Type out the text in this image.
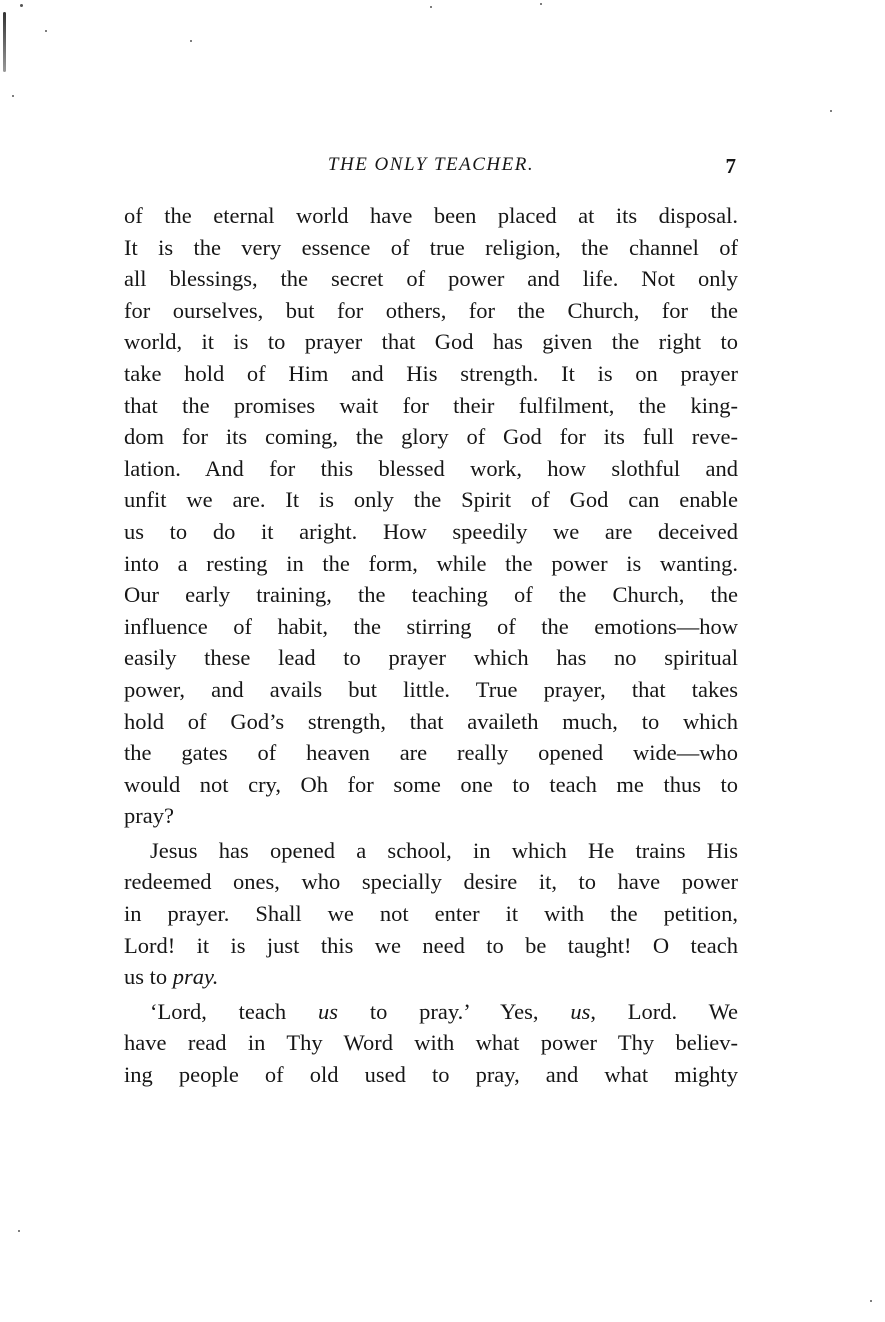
THE ONLY TEACHER.	7
of the eternal world have been placed at its disposal.
It is the very essence of true religion, the channel of
all blessings, the secret of power and life. Not only
for ourselves, but for others, for the Church, for the
world, it is to prayer that God has given the right to
take hold of Him and His strength. It is on prayer
that the promises wait for their fulfilment, the king-
dom for its coming, the glory of God for its full reve-
lation. And for this blessed work, how slothful and
unfit we are. It is only the Spirit of God can enable
us to do it aright. How speedily we are deceived
into a resting in the form, while the power is wanting.
Our early training, the teaching of the Church, the
influence of habit, the stirring of the emotions—how
easily these lead to prayer which has no spiritual
power, and avails but little. True prayer, that takes
hold of God’s strength, that availeth much, to which
the gates of heaven are really opened wide—who
would not cry, Oh for some one to teach me thus to
pray?
Jesus has opened a school, in which He trains His
redeemed ones, who specially desire it, to have power
in prayer. Shall we not enter it with the petition,
Lord! it is just this we need to be taught! O teach
us to pray.
‘Lord, teach us to pray.’ Yes, us, Lord. We
have read in Thy Word with what power Thy believ-
ing people of old used to pray, and what mighty
